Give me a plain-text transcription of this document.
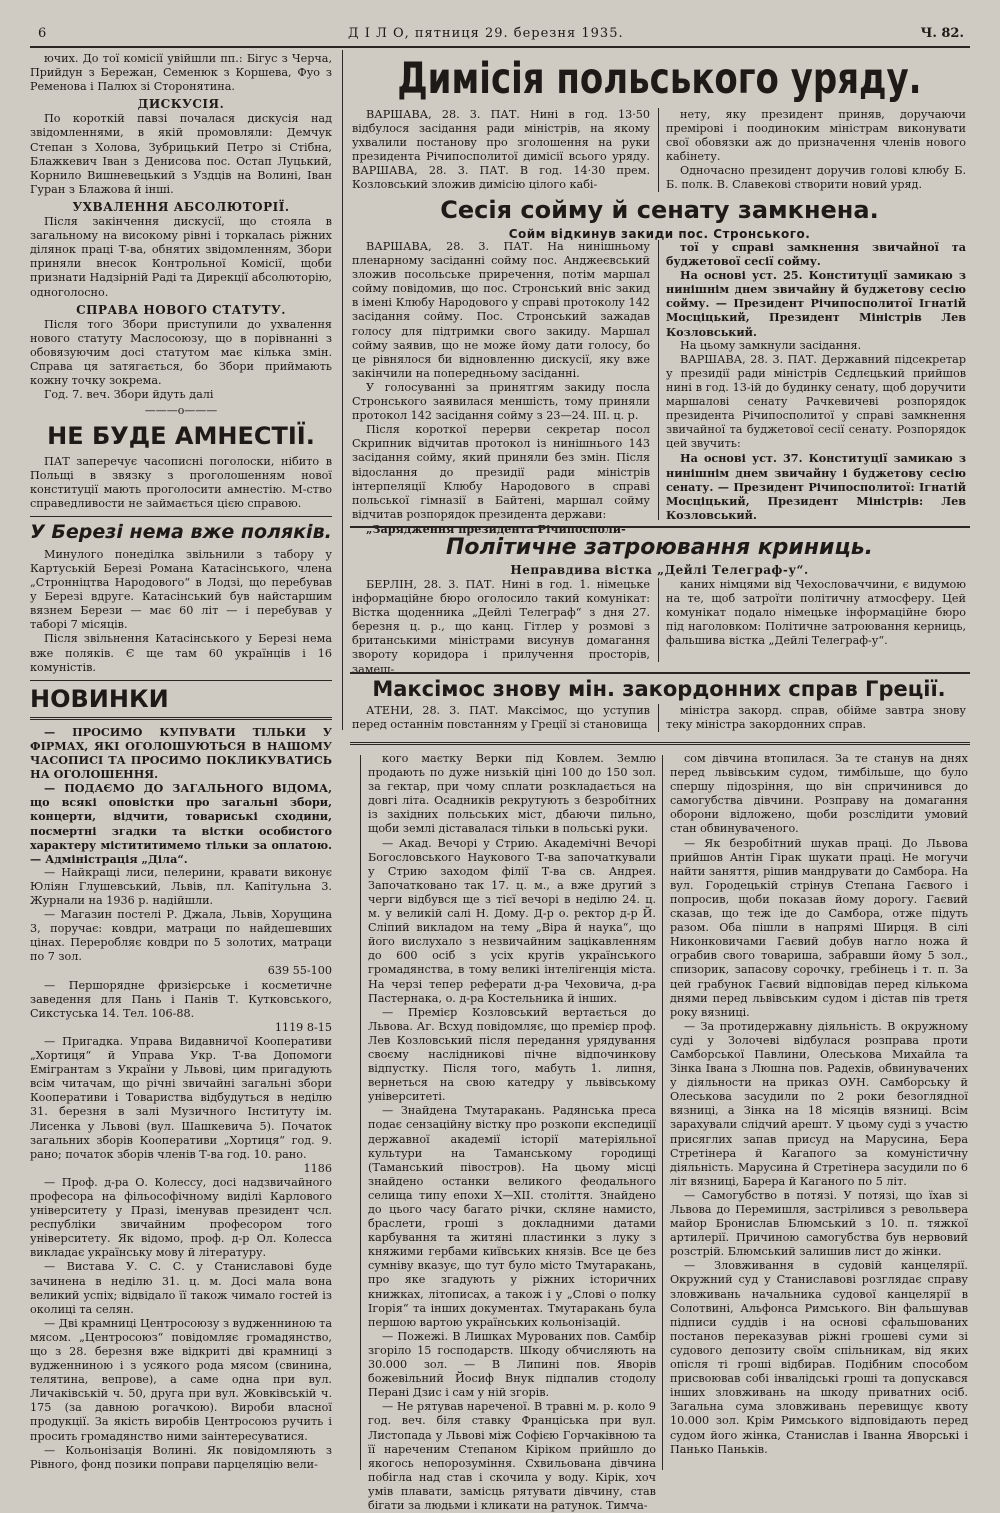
6	Д І Л О, пятниця 29. березня 1935.	Ч. 82.

ючих. До тої комісії увійшли пп.: Бігус з Черча, Прийдун з Бережан, Семенюк з Коршева, Фуо з Ременова і Палюх зі Сторонятина.

ДИСКУСІЯ.

По короткій павзі почалася дискусія над звідомленнями, в якій промовляли: Демчук Степан з Холова, Зубрицький Петро зі Стібна, Блажкевич Іван з Денисова пос. Остап Луцький, Корнило Вишневецький з Уздців на Волині, Іван Гуран з Блажова й інші.

УХВАЛЕННЯ АБСОЛЮТОРІЇ.

Після закінчення дискусії, що стояла в загальному на високому рівні і торкалась ріжних ділянок праці Т-ва, обнятих звідомленням, Збори приняли внесок Контрольної Комісії, щоби признати Надзірній Раді та Дирекції абсолюторію, одноголосно.

СПРАВА НОВОГО СТАТУТУ.

Після того Збори приступили до ухвалення нового статуту Маслосоюзу, що в порівнанні з обовязуючим досі статутом має кілька змін. Справа ця затягається, бо Збори приймають кожну точку зокрема.

Год. 7. веч. Збори йдуть далі

———o———
НЕ БУДЕ АМНЕСТІЇ.

ПАТ заперечує часописні поголоски, нібито в Польщі в звязку з проголошенням нової конституції мають проголосити амнестію. М-ство справедливости не займається цією справою.

У Березі нема вже поляків.

Минулого понеділка звільнили з табору у Картуській Березі Романа Катасінського, члена „Стронніцтва Народового“ в Лодзі, що перебував у Березі вдруге. Катасінський був найстаршим вязнем Берези — має 60 літ — і перебував у таборі 7 місяців.

Після звільнення Катасінського у Березі нема вже поляків. Є ще там 60 українців і 16 комуністів.

НОВИНКИ

— ПРОСИМО КУПУВАТИ ТІЛЬКИ У ФІРМАХ, ЯКІ ОГОЛОШУЮТЬСЯ В НАШОМУ ЧАСОПИСІ ТА ПРОСИМО ПОКЛИКУВАТИСЬ НА ОГОЛОШЕННЯ.

— ПОДАЄМО ДО ЗАГАЛЬНОГО ВІДОМА, що всякі оповістки про загальні збори, концерти, відчити, товариські сходини, посмертні згадки та вістки особистого характеру містититимемо тільки за оплатою. — Адміністрація „Діла“.

— Найкращі лиси, пелерини, кравати виконує Юліян Глушевський, Львів, пл. Капітульна 3. Журнали на 1936 р. надійшли.

— Магазин постелі Р. Джала, Львів, Хорущина 3, поручає: ковдри, матраци по найдешевших цінах. Переробляє ковдри по 5 золотих, матраци по 7 зол.

639 55-100

— Першорядне фризієрське і косметичне заведення для Пань і Панів Т. Кутковського, Сикстуська 14. Тел. 106-88.

1119 8-15

— Пригадка. Управа Видавничої Кооперативи „Хортиця“ й Управа Укр. Т-ва Допомоги Емігрантам з України у Львові, цим пригадують всім читачам, що річні звичайні загальні збори Кооперативи і Товариства відбудуться в неділю 31. березня в залі Музичного Інституту ім. Лисенка у Львові (вул. Шашкевича 5). Початок загальних зборів Кооперативи „Хортиця“ год. 9. рано; початок зборів членів Т-ва год. 10. рано.

1186

— Проф. д-ра О. Колессу, досі надзвичайного професора на фільософічному виділі Карлового університету у Празі, іменував президент чсл. республіки звичайним професором того університету. Як відомо, проф. д-р Ол. Колесса викладає українську мову й літературу.

— Вистава У. С. С. у Станиславові буде зачинена в неділю 31. ц. м. Досі мала вона великий успіх; відвідало її також чимало гостей із околиці та селян.

— Дві крамниці Центросоюзу з вудженниною та мясом. „Центросоюз“ повідомляє громадянство, що з 28. березня вже відкриті дві крамниці з вудженниною і з усякого рода мясом (свинина, телятина, вепрове), а саме одна при вул. Личаківській ч. 50, друга при вул. Жовківській ч. 175 (за давною рогачкою). Вироби власної продукції. За якість виробів Центросоюз ручить і просить громадянство ними заінтересуватися.

— Кольонізація Волині. Як повідомляють з Рівного, фонд позики поправи парцеляцію вели-

Димісія польського уряду.

ВАРШАВА, 28. 3. ПАТ. Нині в год. 13·50 відбулося засідання ради міністрів, на якому ухвалили постанову про зголошення на руки президента Річипосполитої димісії всього уряду. ВАРШАВА, 28. 3. ПАТ. В год. 14·30 прем. Козловський зложив димісію цілого кабі-

нету, яку президент приняв, доручаючи премірові і поодиноким міністрам виконувати свої обовязки аж до призначення членів нового кабінету.

Одночасно президент доручив голові клюбу Б. Б. полк. В. Славекові створити новий уряд.

Сесія сойму й сенату замкнена.
Сойм відкинув закиди пос. Стронського.

ВАРШАВА, 28. 3. ПАТ. На нинішньому пленарному засіданні сойму пос. Анджеєвський зложив посольське приречення, потім маршал сойму повідомив, що пос. Стронський вніс закид в імені Клюбу Народового у справі протоколу 142 засідання сойму. Пос. Стронський зажадав голосу для підтримки свого закиду. Маршал сойму заявив, що не може йому дати голосу, бо це рівнялося би відновленню дискусії, яку вже закінчили на попередньому засіданні.

У голосуванні за принятгям закиду посла Стронського заявилася меншість, тому приняли протокол 142 засідання сойму з 23—24. ІІІ. ц. р.

Після короткої перерви секретар посол Скрипник відчитав протокол із нинішнього 143 засідання сойму, який приняли без змін. Після відослання до президії ради міністрів інтерпеляції Клюбу Народового в справі польської гімназії в Байтені, маршал сойму відчитав розпорядок президента держави:

„Зарядження президента Річипосполи-

тої у справі замкнення звичайної та буджетової сесії сойму.

На основі уст. 25. Конституції замикаю з нинішнім днем звичайну й буджетову сесію сойму. — Президент Річипосполитої Ігнатій Мосціцький, Президент Міністрів Лев Козловський.

На цьому замкнули засідання.

ВАРШАВА, 28. 3. ПАТ. Державний підсекретар у президії ради міністрів Сєдлєцький прийшов нині в год. 13-ій до будинку сенату, щоб доручити маршалові сенату Рачкевичеві розпорядок президента Річипосполитої у справі замкнення звичайної та буджетової сесії сенату. Розпорядок цей звучить:

На основі уст. 37. Конституції замикаю з нинішнім днем звичайну і буджетову сесію сенату. — Президент Річипосполитої: Ігнатій Мосціцький, Президент Міністрів: Лев Козловський.

Політичне затроювання криниць.
Неправдива вістка „Дейлі Телеграф-у“.

БЕРЛІН, 28. 3. ПАТ. Нині в год. 1. німецьке інформаційне бюро оголосило такий комунікат: Вістка щоденника „Дейлі Телеграф“ з дня 27. березня ц. р., що канц. Гітлер у розмові з британськими міністрами висунув домагання звороту коридора і прилучення просторів, замеш-

каних німцями від Чехословаччини, є видумою на те, щоб затроїти політичну атмосферу. Цей комунікат подало німецьке інформаційне бюро під наголовком: Політичне затроювання керниць, фальшива вістка „Дейлі Телеграф-у“.

Максімос знову мін. закордонних справ Греції.

АТЕНИ, 28. 3. ПАТ. Максімос, що уступив перед останнім повстанням у Греції зі становища

міністра закорд. справ, обійме завтра знову теку міністра закордонних справ.

кого маєтку Верки під Ковлем. Землю продають по дуже низькій ціні 100 до 150 зол. за гектар, при чому сплати розкладається на довгі літа. Осадників рекрутують з безробітних із західних польських міст, дбаючи пильно, щоби землі діставалася тільки в польські руки.

— Акад. Вечорі у Стрию. Академічні Вечорі Богословського Наукового Т-ва започаткували у Стрию заходом філії Т-ва св. Андрея. Започатковано так 17. ц. м., а вже другий з черги відбувся ще з тієї вечорі в неділю 24. ц. м. у великій салі Н. Дому. Д-р о. ректор д-р Й. Сліпий викладом на тему „Віра й наука“, що його вислухало з незвичайним зацікавленням до 600 осіб з усіх кругів українського громадянства, в тому великі інтелігенція міста. На черзі тепер реферати д-ра Чеховича, д-ра Пастернака, о. д-ра Костельника й інших.

— Премієр Козловський вертається до Львова. Аг. Всхуд повідомляє, що премієр проф. Лев Козловський після передання урядування своєму наслідникові пічне відпочинкову відпустку. Після того, мабуть 1. липня, вернеться на свою катедру у львівському університеті.

— Знайдена Тмутаракань. Радянська преса подає сензаційну вістку про розкопи експедиції державної академії історії матеріяльної культури на Таманському городищі (Таманський півостров). На цьому місці знайдено останки великого феодального селища типу епохи X—XII. століття. Знайдено до цього часу багато річки, скляне намисто, браслети, гроші з докладними датами карбування та житяні пластинки з луку з княжими гербами київських князів. Все це без сумніву вказує, що тут було місто Тмутаракань, про яке згадують у ріжних історичних книжках, літописах, а також і у „Слові о полку Ігорія“ та інших документах. Тмутаракань була першою вартою українських кольонізацій.

— Пожежі. В Лишках Мурованих пов. Самбір згоріло 15 господарств. Шкоду обчисляють на 30.000 зол. — В Липині пов. Яворів божевільний Йосиф Внук підпалив стодолу Перані Дзис і сам у ній згорів.

— Не рятував нареченої. В травні м. р. коло 9 год. веч. біля ставку Франціська при вул. Листопада у Львові між Софією Горчаківною та її нареченим Степаном Кіріком прийшло до якогось непорозуміння. Схвильована дівчина побігла над став і скочила у воду. Кірік, хоч умів плавати, замісць рятувати дівчину, став бігати за людьми і кликати на ратунок. Тимча-

сом дівчина втопилася. За те станув на днях перед львівським судом, тимбільше, що було спершу підозріння, що він спричинився до самогубства дівчини. Розправу на домагання оборони відложено, щоби розслідити умовий стан обвинуваченого.

— Як безробітний шукав праці. До Львова прийшов Антін Гірак шукати праці. Не могучи найти заняття, рішив мандрувати до Самбора. На вул. Городецькій стрінув Степана Гаєвого і попросив, щоби показав йому дорогу. Гаєвий сказав, що теж іде до Самбора, отже підуть разом. Оба пішли в напрямі Ширця. В сілі Никонковичами Гаєвий добув нагло ножа й ограбив свого товариша, забравши йому 5 зол., спизорик, запасову сорочку, гребінець і т. п. За цей грабунок Гаєвий відповідав перед кількома днями перед львівським судом і дістав пів третя року вязниці.

— За протидержавну діяльність. В окружному суді у Золочеві відбулася розправа проти Самборської Павлини, Олеськова Михайла та Зінка Івана з Люшна пов. Радехів, обвинувачених у діяльности на приказ ОУН. Самборську й Олеськова засудили по 2 роки безоглядної вязниці, а Зінка на 18 місяців вязниці. Всім зарахували слідчий арешт. У цьому суді з участю присяглих запав присуд на Марусина, Бера Стретінера й Кагапого за комуністичну діяльність. Марусина й Стретінера засудили по 6 літ вязниці, Барера й Каганого по 5 літ.

— Самогубство в потязі. У потязі, що їхав зі Львова до Перемишля, застрілився з револьвера майор Бронислав Блюмський з 10. п. тяжкої артилерії. Причиною самогубства був нервовий розстрій. Блюмський залишив лист до жінки.

— Зловживання в судовій канцелярії. Окружний суд у Станиславові розглядає справу зловживань начальника судової канцелярії в Солотвині, Альфонса Римського. Він фальшував підписи суддів і на основі сфальшованих постанов переказував ріжні грошеві суми зі судового депозиту своїм спільникам, від яких опісля ті гроші відбирав. Подібним способом присвоював собі інвалідські гроші та допускався інших зловживань на шкоду приватних осіб. Загальна сума зловживань перевищує квоту 10.000 зол. Крім Римського відповідають перед судом його жінка, Станислав і Іванна Яворські і Панько Паньків.
